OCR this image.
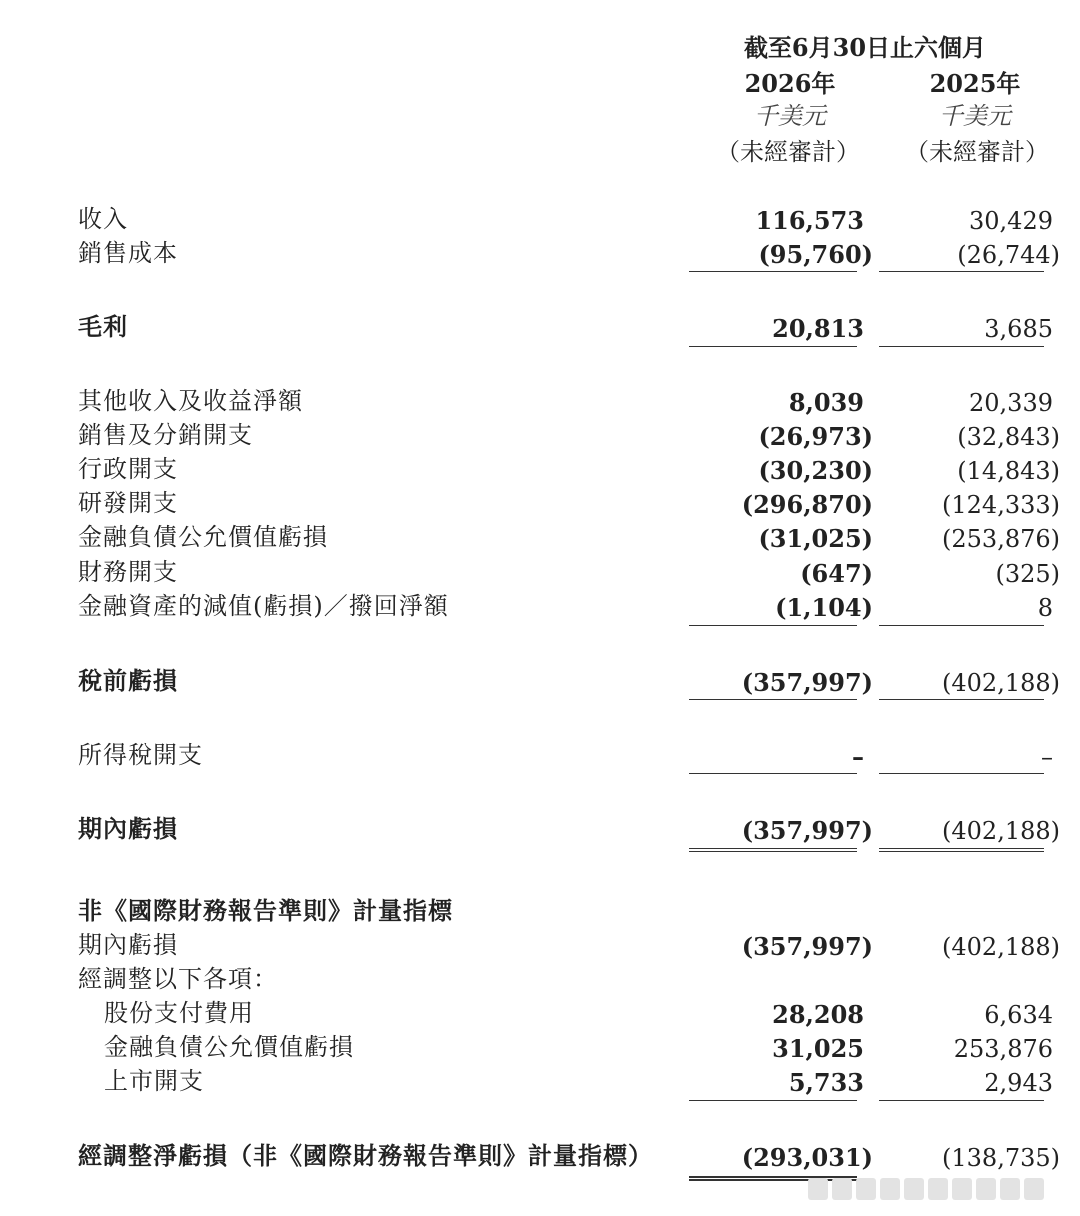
截至6月30日止六個月
2026年	2025年
千美元	千美元
（未經審計）	（未經審計）
收入	116,573	30,429
銷售成本	(95,760)	(26,744)
毛利	20,813	3,685
其他收入及收益淨額	8,039	20,339
銷售及分銷開支	(26,973)	(32,843)
行政開支	(30,230)	(14,843)
研發開支	(296,870)	(124,333)
金融負債公允價值虧損	(31,025)	(253,876)
財務開支	(647)	(325)
金融資產的減值(虧損)／撥回淨額	(1,104)	8
稅前虧損	(357,997)	(402,188)
所得稅開支	–	–
期內虧損	(357,997)	(402,188)
非《國際財務報告準則》計量指標
期內虧損	(357,997)	(402,188)
經調整以下各項：
股份支付費用	28,208	6,634
金融負債公允價值虧損	31,025	253,876
上市開支	5,733	2,943
經調整淨虧損（非《國際財務報告準則》計量指標）	(293,031)	(138,735)
